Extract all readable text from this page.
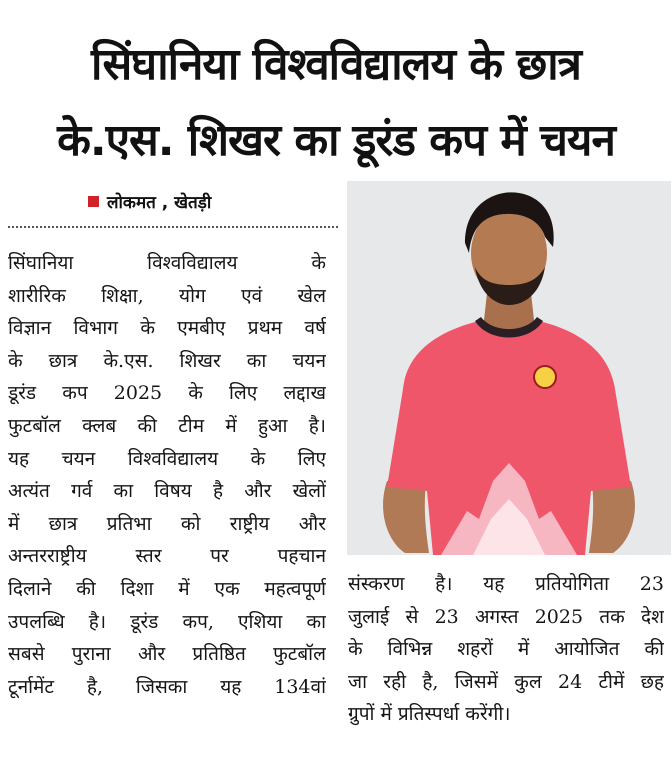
सिंघानिया विश्वविद्यालय के छात्र
के.एस. शिखर का डूरंड कप में चयन
लोकमत , खेतड़ी
सिंघानिया विश्वविद्यालय के
शारीरिक शिक्षा, योग एवं खेल
विज्ञान विभाग के एमबीए प्रथम वर्ष
के छात्र के.एस. शिखर का चयन
डूरंड कप 2025 के लिए लद्दाख
फुटबॉल क्लब की टीम में हुआ है।
यह चयन विश्वविद्यालय के लिए
अत्यंत गर्व का विषय है और खेलों
में छात्र प्रतिभा को राष्ट्रीय और
अन्तरराष्ट्रीय स्तर पर पहचान
दिलाने की दिशा में एक महत्वपूर्ण
उपलब्धि है। डूरंड कप, एशिया का
सबसे पुराना और प्रतिष्ठित फुटबॉल
टूर्नामेंट है, जिसका यह 134वां
संस्करण है। यह प्रतियोगिता 23
जुलाई से 23 अगस्त 2025 तक देश
के विभिन्न शहरों में आयोजित की
जा रही है, जिसमें कुल 24 टीमें छह
ग्रुपों में प्रतिस्पर्धा करेंगी।
